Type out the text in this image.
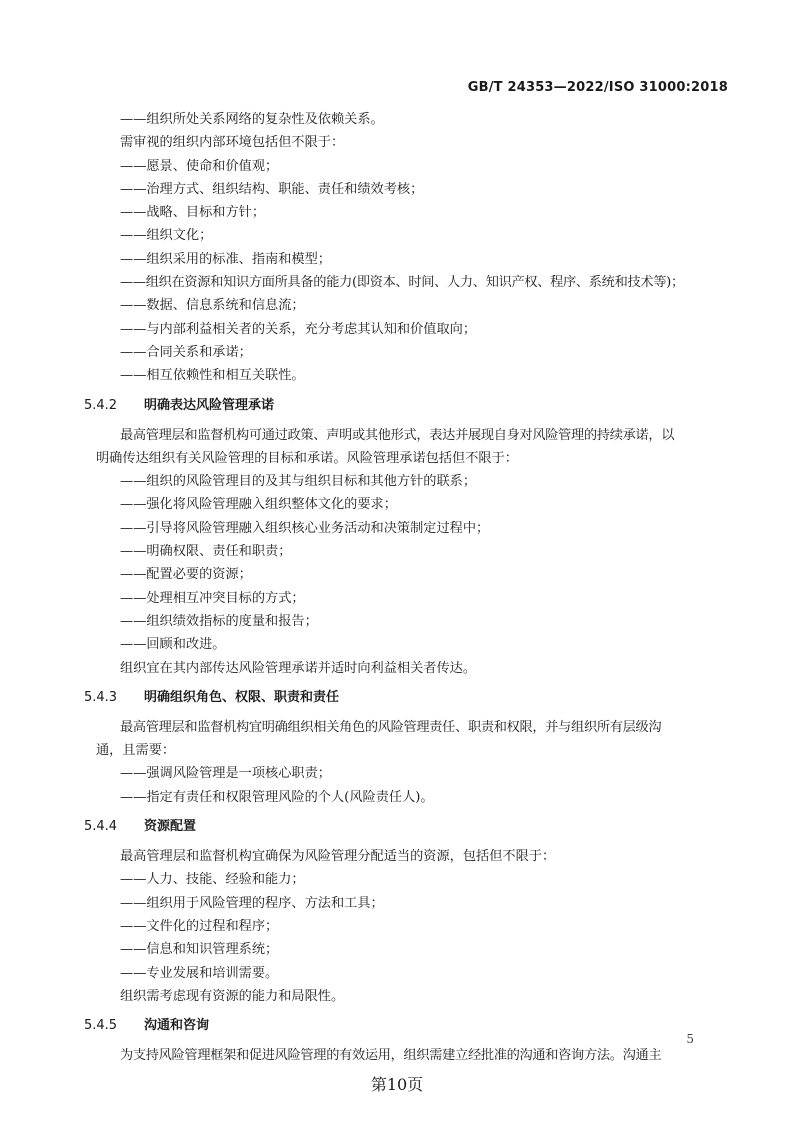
GB/T 24353—2022/ISO 31000:2018
——组织所处关系网络的复杂性及依赖关系。
需审视的组织内部环境包括但不限于：
——愿景、使命和价值观；
——治理方式、组织结构、职能、责任和绩效考核；
——战略、目标和方针；
——组织文化；
——组织采用的标准、指南和模型；
——组织在资源和知识方面所具备的能力(即资本、时间、人力、知识产权、程序、系统和技术等)；
——数据、信息系统和信息流；
——与内部利益相关者的关系，充分考虑其认知和价值取向；
——合同关系和承诺；
——相互依赖性和相互关联性。
5.4.2 明确表达风险管理承诺
最高管理层和监督机构可通过政策、声明或其他形式，表达并展现自身对风险管理的持续承诺，以
明确传达组织有关风险管理的目标和承诺。风险管理承诺包括但不限于：
——组织的风险管理目的及其与组织目标和其他方针的联系；
——强化将风险管理融入组织整体文化的要求；
——引导将风险管理融入组织核心业务活动和决策制定过程中；
——明确权限、责任和职责；
——配置必要的资源；
——处理相互冲突目标的方式；
——组织绩效指标的度量和报告；
——回顾和改进。
组织宜在其内部传达风险管理承诺并适时向利益相关者传达。
5.4.3 明确组织角色、权限、职责和责任
最高管理层和监督机构宜明确组织相关角色的风险管理责任、职责和权限，并与组织所有层级沟
通，且需要：
——强调风险管理是一项核心职责；
——指定有责任和权限管理风险的个人(风险责任人)。
5.4.4 资源配置
最高管理层和监督机构宜确保为风险管理分配适当的资源，包括但不限于：
——人力、技能、经验和能力；
——组织用于风险管理的程序、方法和工具；
——文件化的过程和程序；
——信息和知识管理系统；
——专业发展和培训需要。
组织需考虑现有资源的能力和局限性。
5.4.5 沟通和咨询
为支持风险管理框架和促进风险管理的有效运用，组织需建立经批准的沟通和咨询方法。沟通主
5
第10页
